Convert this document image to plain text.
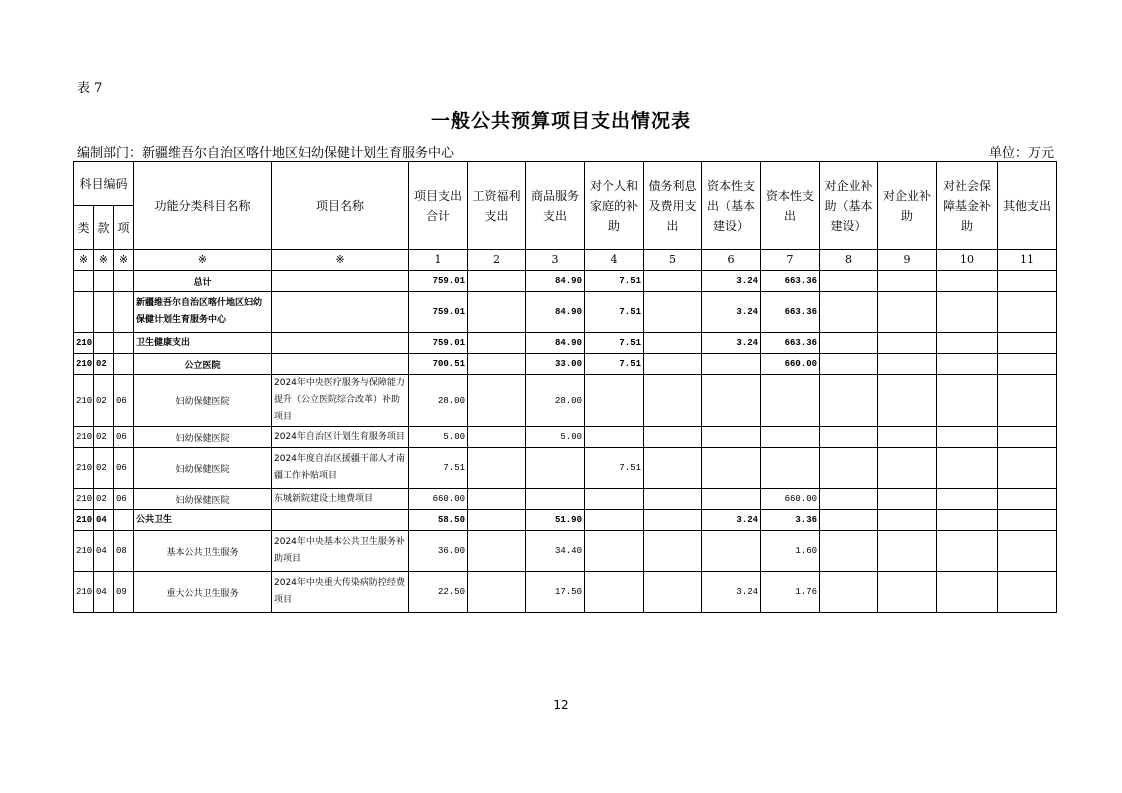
表 7
一般公共预算项目支出情况表
编制部门：新疆维吾尔自治区喀什地区妇幼保健计划生育服务中心	单位：万元
科目编码			功能分类科目名称	项目名称	项目支出合计	工资福利支出	商品服务支出	对个人和家庭的补助	债务利息及费用支出	资本性支出（基本建设）	资本性支出	对企业补助（基本建设）	对企业补助	对社会保障基金补助	其他支出
类	款	项													
※	※	※	※	※	1	2	3	4	5	6	7	8	9	10	11
			总计		759.01		84.90	7.51		3.24	663.36				
			新疆维吾尔自治区喀什地区妇幼保健计划生育服务中心		759.01		84.90	7.51		3.24	663.36				
210			卫生健康支出		759.01		84.90	7.51		3.24	663.36				
210	02		公立医院		700.51		33.00	7.51			660.00				
210	02	06	妇幼保健医院	2024年中央医疗服务与保障能力提升（公立医院综合改革）补助项目	28.00		28.00								
210	02	06	妇幼保健医院	2024年自治区计划生育服务项目	5.00		5.00								
210	02	06	妇幼保健医院	2024年度自治区援疆干部人才南疆工作补贴项目	7.51			7.51							
210	02	06	妇幼保健医院	东城新院建设土地费项目	660.00						660.00				
210	04		公共卫生		58.50		51.90			3.24	3.36				
210	04	08	基本公共卫生服务	2024年中央基本公共卫生服务补助项目	36.00		34.40				1.60				
210	04	09	重大公共卫生服务	2024年中央重大传染病防控经费项目	22.50		17.50			3.24	1.76				
12
